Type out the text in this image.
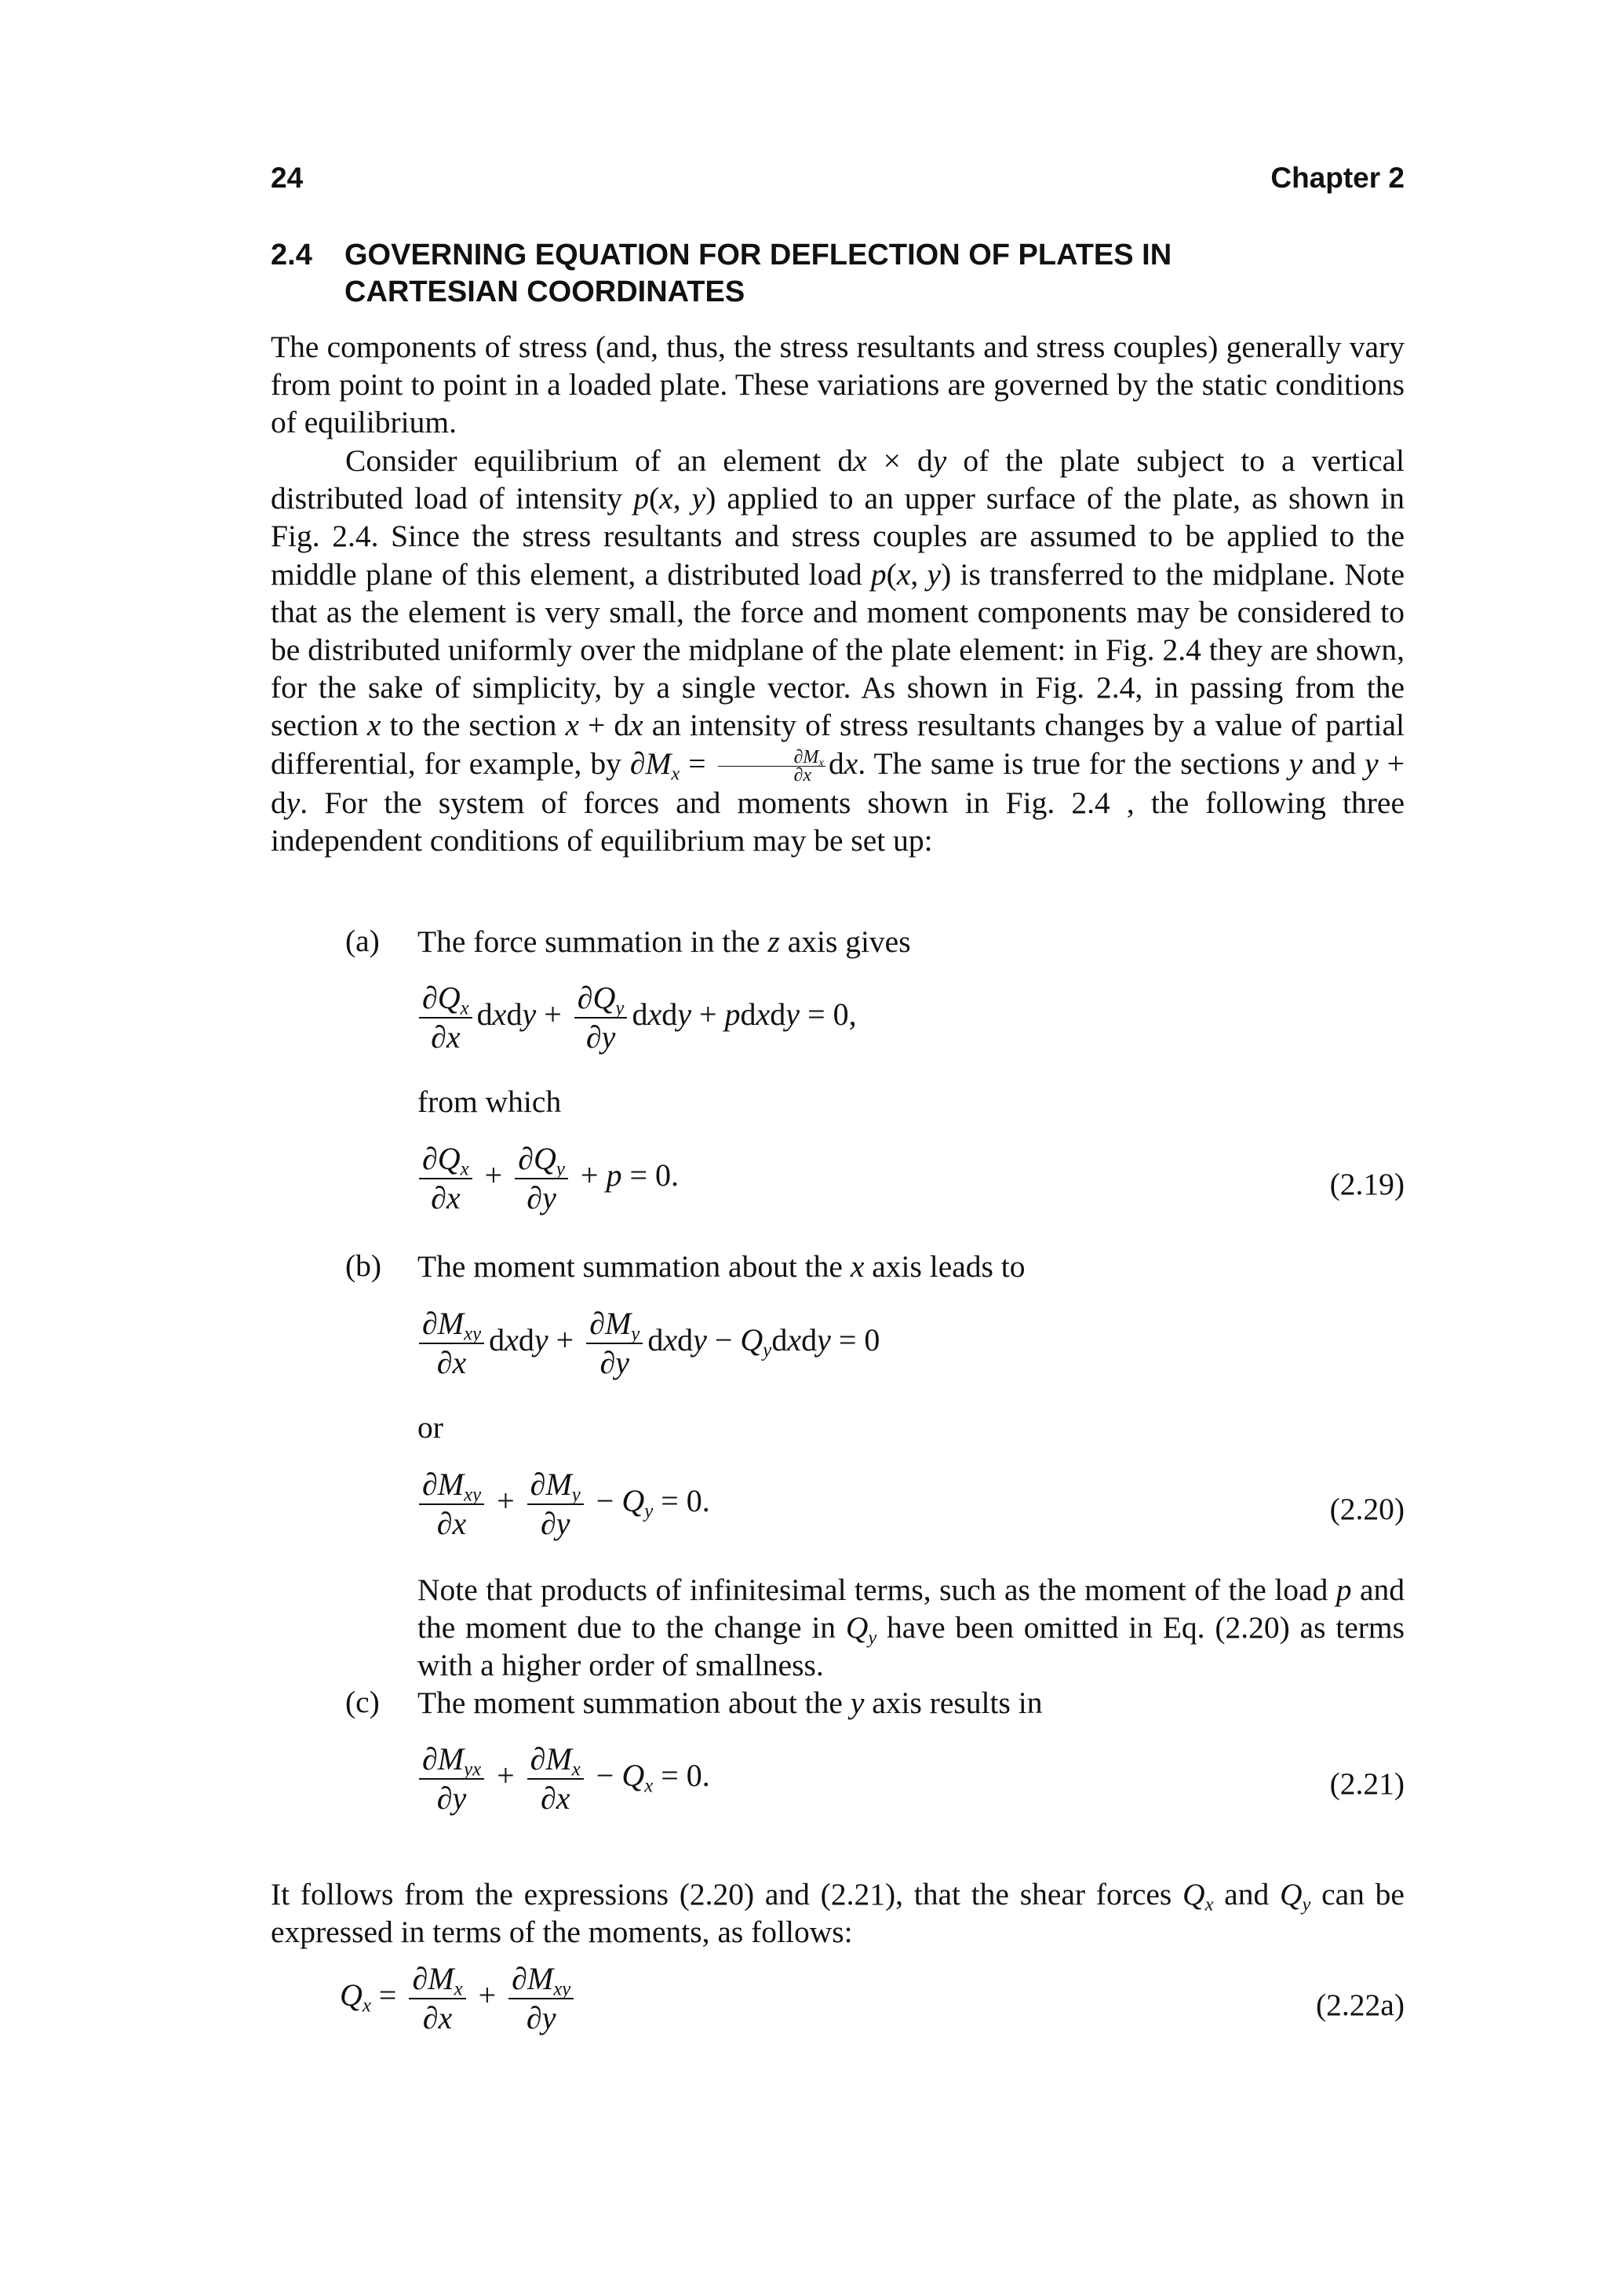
24	Chapter 2
2.4 GOVERNING EQUATION FOR DEFLECTION OF PLATES IN CARTESIAN COORDINATES

The components of stress (and, thus, the stress resultants and stress couples) generally vary from point to point in a loaded plate. These variations are governed by the static conditions of equilibrium.

Consider equilibrium of an element dx × dy of the plate subject to a vertical distributed load of intensity p(x, y) applied to an upper surface of the plate, as shown in Fig. 2.4. Since the stress resultants and stress couples are assumed to be applied to the middle plane of this element, a distributed load p(x, y) is transferred to the midplane. Note that as the element is very small, the force and moment components may be considered to be distributed uniformly over the midplane of the plate element: in Fig. 2.4 they are shown, for the sake of simplicity, by a single vector. As shown in Fig. 2.4, in passing from the section x to the section x + dx an intensity of stress resultants changes by a value of partial differential, for example, by $\partial M_x = \frac{\partial M_x}{\partial x}$ dx. The same is true for the sections y and y + dy. For the system of forces and moments shown in Fig. 2.4 , the following three independent conditions of equilibrium may be set up:

(a) The force summation in the z axis gives
$\frac{\partial Q_x}{\partial x}$ dxdy + $\frac{\partial Q_y}{\partial y}$ dxdy + pdxdy = 0,
from which
$\frac{\partial Q_x}{\partial x} + \frac{\partial Q_y}{\partial y} + p = 0$.	(2.19)
(b) The moment summation about the x axis leads to
$\frac{\partial M_{xy}}{\partial x}$ dxdy + $\frac{\partial M_y}{\partial y}$ dxdy − $Q_ydxdy = 0$
or
$\frac{\partial M_{xy}}{\partial x} + \frac{\partial M_y}{\partial y} - Q_y = 0$.	(2.20)

Note that products of infinitesimal terms, such as the moment of the load p and the moment due to the change in $Q_y$ have been omitted in Eq. (2.20) as terms with a higher order of smallness.

(c) The moment summation about the y axis results in
$\frac{\partial M_{yx}}{\partial y} + \frac{\partial M_x}{\partial x} - Q_x = 0$.	(2.21)

It follows from the expressions (2.20) and (2.21), that the shear forces $Q_x$ and $Q_y$ can be expressed in terms of the moments, as follows:

$Q_x = \frac{\partial M_x}{\partial x} + \frac{\partial M_{xy}}{\partial y}$	(2.22a)
